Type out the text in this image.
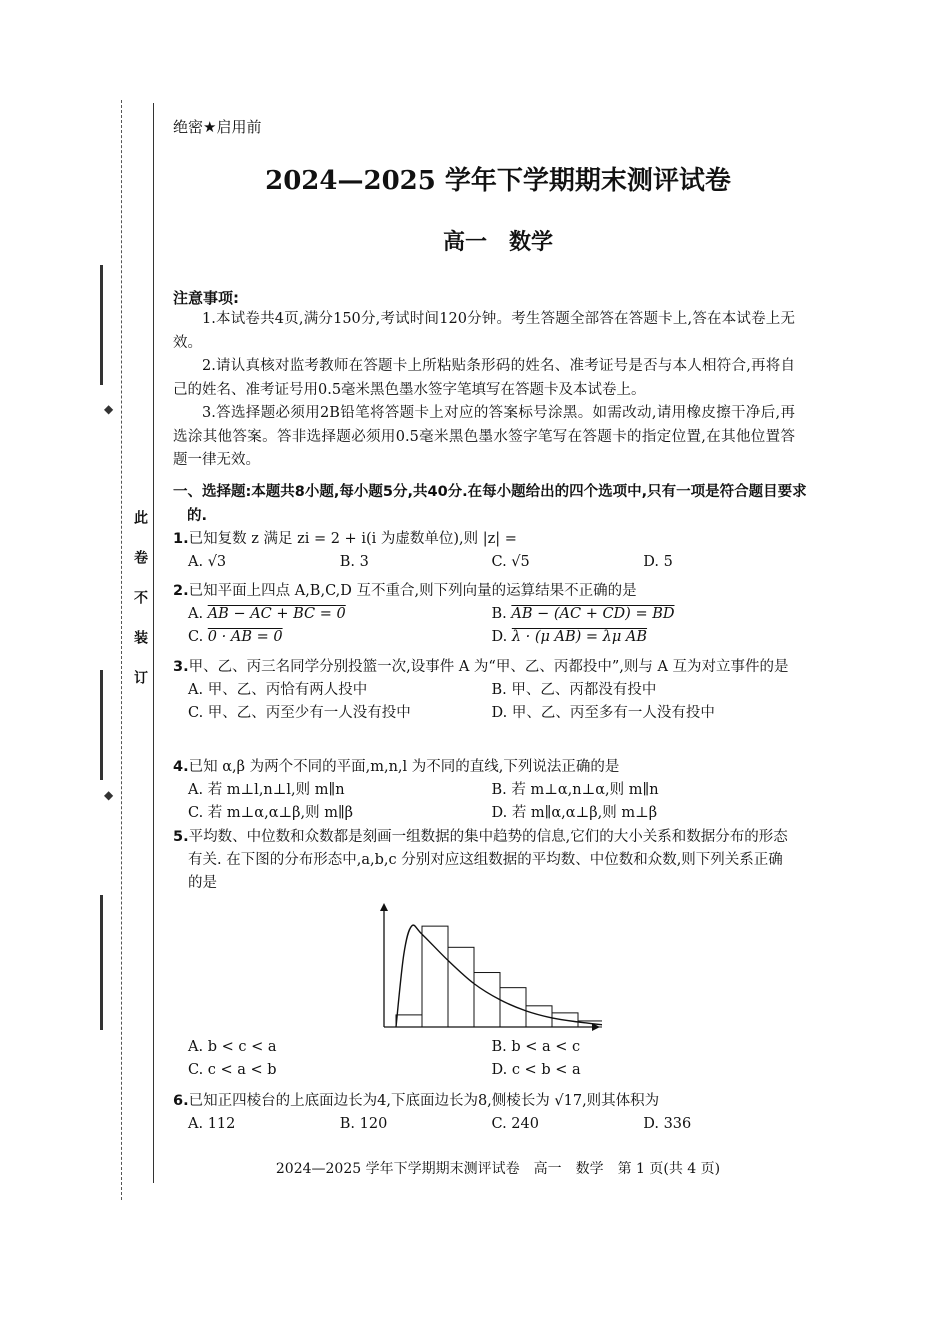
◆
◆
此卷不装订
绝密★启用前
2024—2025 学年下学期期末测评试卷
高一　数学
注意事项:

1.本试卷共4页,满分150分,考试时间120分钟。考生答题全部答在答题卡上,答在本试卷上无效。

2.请认真核对监考教师在答题卡上所粘贴条形码的姓名、准考证号是否与本人相符合,再将自己的姓名、准考证号用0.5毫米黑色墨水签字笔填写在答题卡及本试卷上。

3.答选择题必须用2B铅笔将答题卡上对应的答案标号涂黑。如需改动,请用橡皮擦干净后,再选涂其他答案。答非选择题必须用0.5毫米黑色墨水签字笔写在答题卡的指定位置,在其他位置答题一律无效。

一、选择题:本题共8小题,每小题5分,共40分.在每小题给出的四个选项中,只有一项是符合题目要求的.
1.已知复数 z 满足 zi = 2 + i(i 为虚数单位),则 |z| =
A. √3	B. 3	C. √5	D. 5
2.已知平面上四点 A,B,C,D 互不重合,则下列向量的运算结果不正确的是
A. AB − AC + BC = 0	B. AB − (AC + CD) = BD
C. 0 · AB = 0	D. λ · (μ AB) = λμ AB
3.甲、乙、丙三名同学分别投篮一次,设事件 A 为“甲、乙、丙都投中”,则与 A 互为对立事件的是
A. 甲、乙、丙恰有两人投中	B. 甲、乙、丙都没有投中
C. 甲、乙、丙至少有一人没有投中	D. 甲、乙、丙至多有一人没有投中
4.已知 α,β 为两个不同的平面,m,n,l 为不同的直线,下列说法正确的是
A. 若 m⊥l,n⊥l,则 m∥n	B. 若 m⊥α,n⊥α,则 m∥n
C. 若 m⊥α,α⊥β,则 m∥β	D. 若 m∥α,α⊥β,则 m⊥β
5.平均数、中位数和众数都是刻画一组数据的集中趋势的信息,它们的大小关系和数据分布的形态有关. 在下图的分布形态中,a,b,c 分别对应这组数据的平均数、中位数和众数,则下列关系正确的是
A. b < c < a	B. b < a < c
C. c < a < b	D. c < b < a
6.已知正四棱台的上底面边长为4,下底面边长为8,侧棱长为 √17,则其体积为
A. 112	B. 120	C. 240	D. 336
2024—2025 学年下学期期末测评试卷　高一　数学　第 1 页(共 4 页)
